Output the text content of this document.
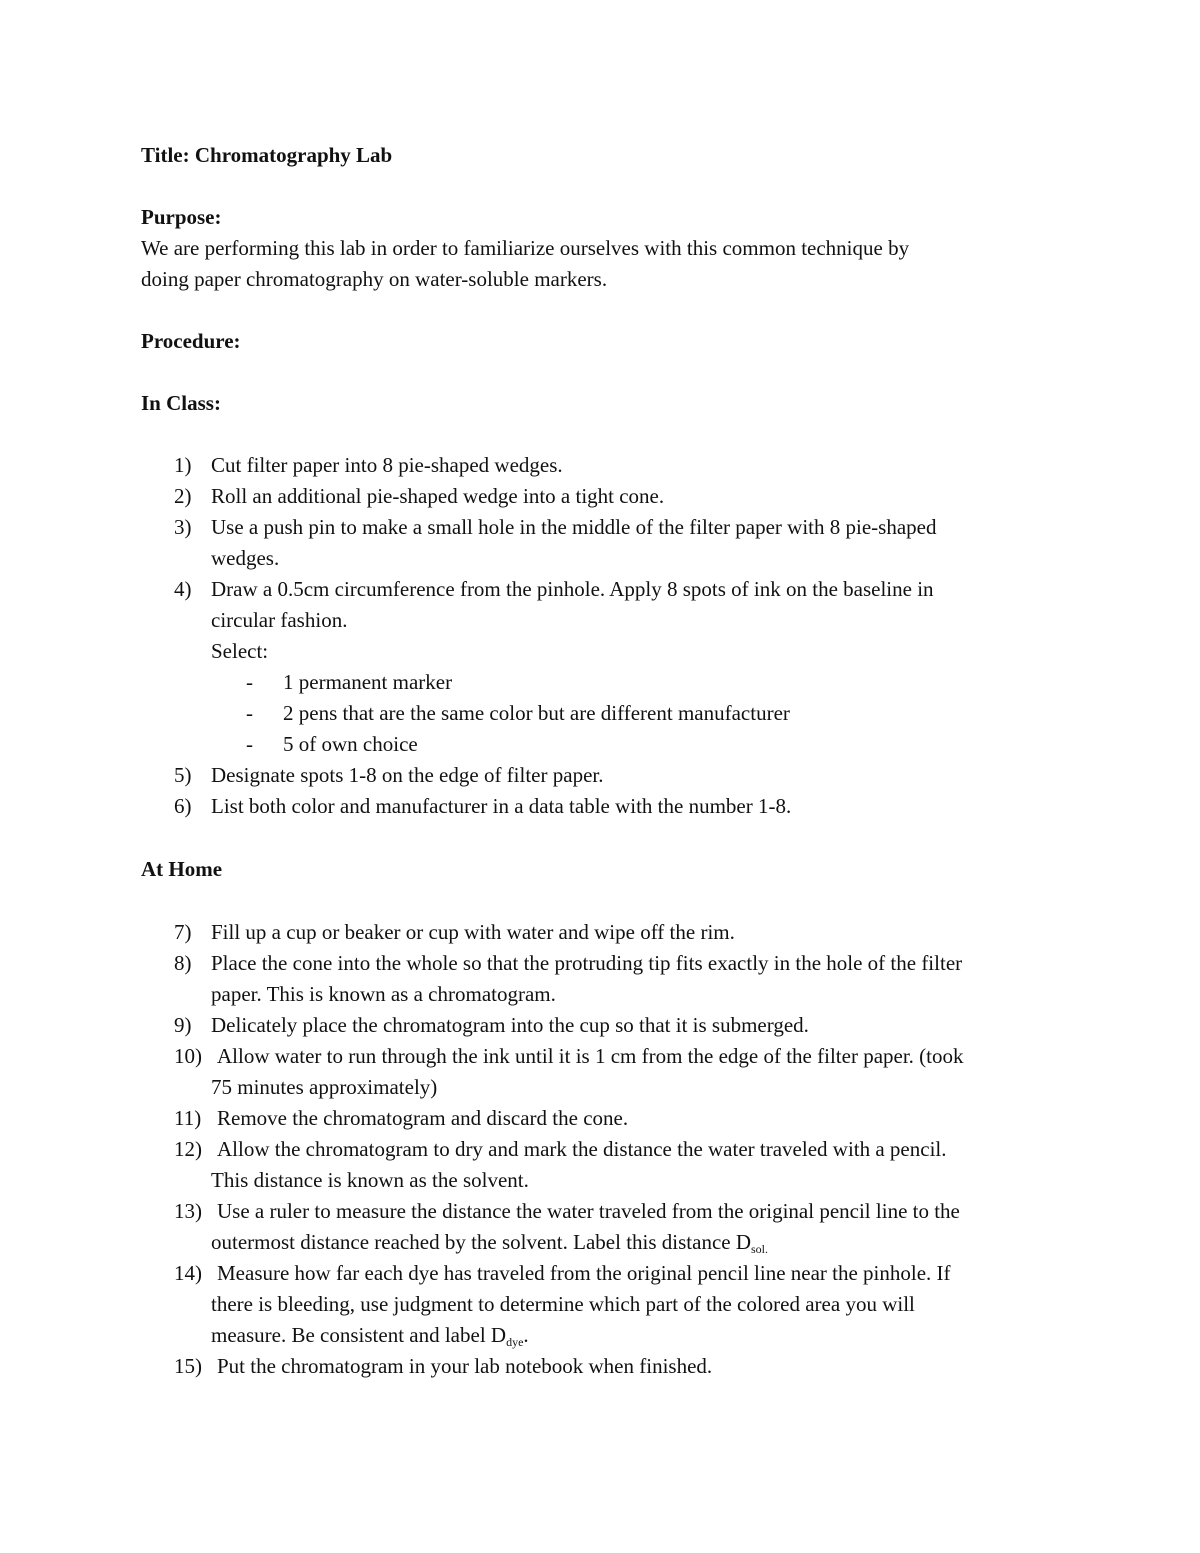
Title: Chromatography Lab
Purpose:
We are performing this lab in order to familiarize ourselves with this common technique by
doing paper chromatography on water-soluble markers.
Procedure:
In Class:
1) Cut filter paper into 8 pie-shaped wedges.
2) Roll an additional pie-shaped wedge into a tight cone.
3) Use a push pin to make a small hole in the middle of the filter paper with 8 pie-shaped
wedges.
4) Draw a 0.5cm circumference from the pinhole. Apply 8 spots of ink on the baseline in
circular fashion.
Select:
- 1 permanent marker
- 2 pens that are the same color but are different manufacturer
- 5 of own choice
5) Designate spots 1-8 on the edge of filter paper.
6) List both color and manufacturer in a data table with the number 1-8.
At Home
7) Fill up a cup or beaker or cup with water and wipe off the rim.
8) Place the cone into the whole so that the protruding tip fits exactly in the hole of the filter
paper. This is known as a chromatogram.
9) Delicately place the chromatogram into the cup so that it is submerged.
10) Allow water to run through the ink until it is 1 cm from the edge of the filter paper. (took
75 minutes approximately)
11) Remove the chromatogram and discard the cone.
12) Allow the chromatogram to dry and mark the distance the water traveled with a pencil.
This distance is known as the solvent.
13) Use a ruler to measure the distance the water traveled from the original pencil line to the
outermost distance reached by the solvent. Label this distance $D_{sol.}$
14) Measure how far each dye has traveled from the original pencil line near the pinhole. If
there is bleeding, use judgment to determine which part of the colored area you will
measure. Be consistent and label $D_{dye}$.
15) Put the chromatogram in your lab notebook when finished.
